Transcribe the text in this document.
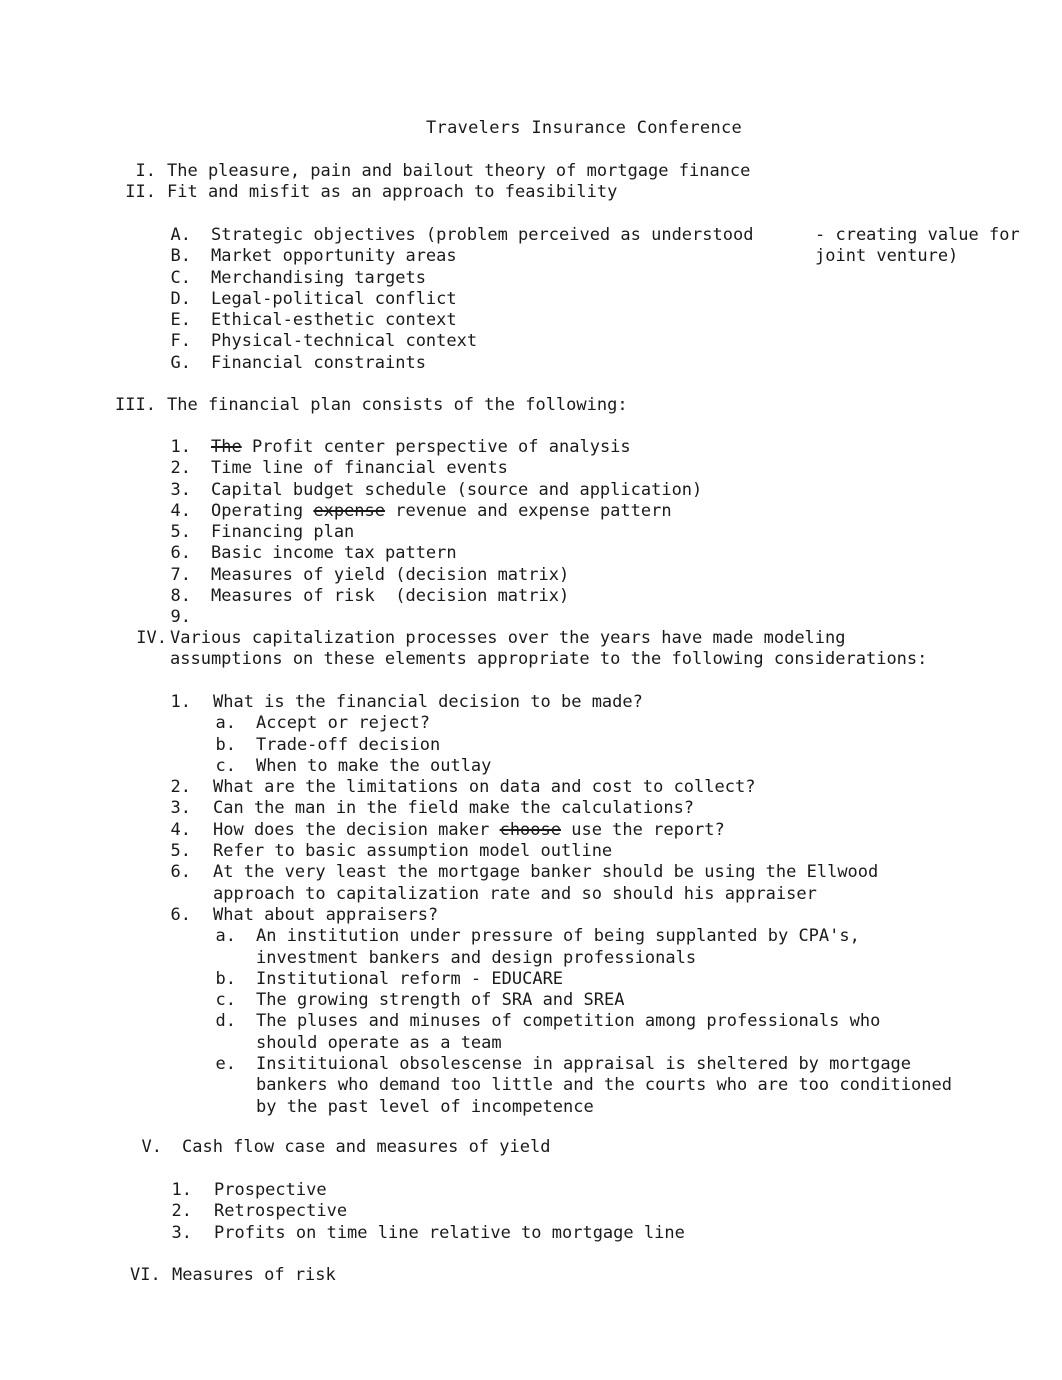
Travelers Insurance Conference
I. The pleasure, pain and bailout theory of mortgage finance
II. Fit and misfit as an approach to feasibility
A. Strategic objectives (problem perceived as understood	- creating value for
B. Market opportunity areas	joint venture)
C. Merchandising targets
D. Legal-political conflict
E. Ethical-esthetic context
F. Physical-technical context
G. Financial constraints
III. The financial plan consists of the following:
1. The Profit center perspective of analysis
2. Time line of financial events
3. Capital budget schedule (source and application)
4. Operating expense revenue and expense pattern
5. Financing plan
6. Basic income tax pattern
7. Measures of yield (decision matrix)
8. Measures of risk  (decision matrix)
9.
IV. Various capitalization processes over the years have made modeling
assumptions on these elements appropriate to the following considerations:
1. What is the financial decision to be made?
a. Accept or reject?
b. Trade-off decision
c. When to make the outlay
2. What are the limitations on data and cost to collect?
3. Can the man in the field make the calculations?
4. How does the decision maker choose use the report?
5. Refer to basic assumption model outline
6. At the very least the mortgage banker should be using the Ellwood
approach to capitalization rate and so should his appraiser
6. What about appraisers?
a. An institution under pressure of being supplanted by CPA's,
investment bankers and design professionals
b. Institutional reform - EDUCARE
c. The growing strength of SRA and SREA
d. The pluses and minuses of competition among professionals who
should operate as a team
e. Insitituional obsolescense in appraisal is sheltered by mortgage
bankers who demand too little and the courts who are too conditioned
by the past level of incompetence
V. Cash flow case and measures of yield
1. Prospective
2. Retrospective
3. Profits on time line relative to mortgage line
VI. Measures of risk
